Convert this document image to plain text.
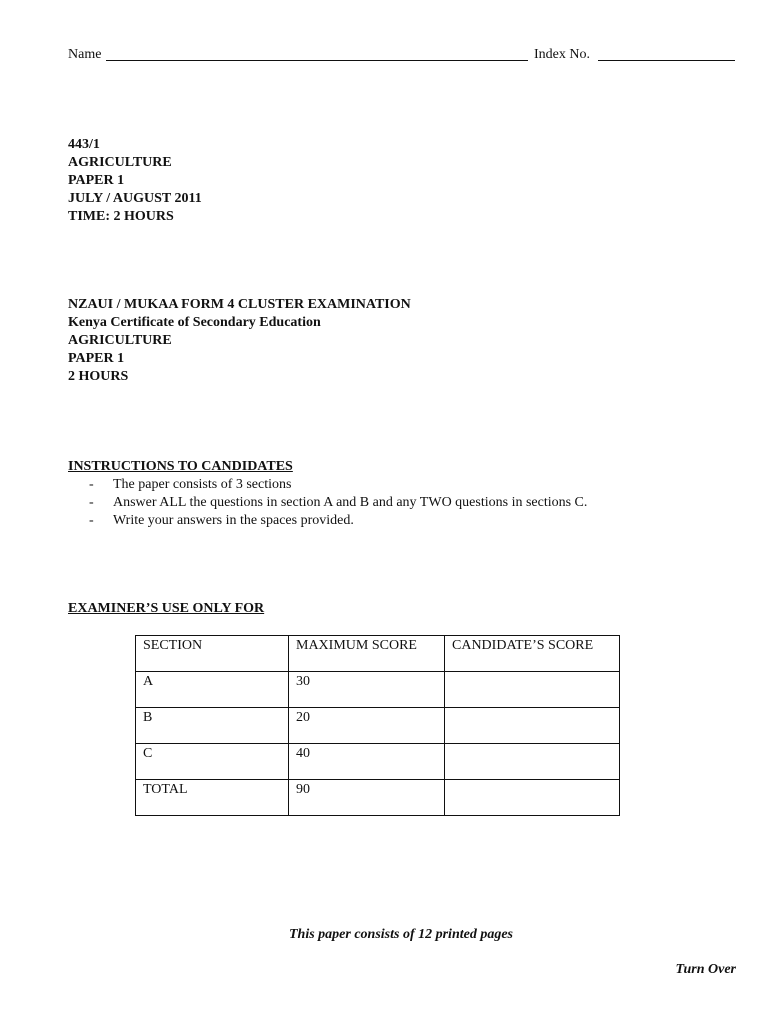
Name	Index No.
443/1
AGRICULTURE
PAPER 1
JULY / AUGUST 2011
TIME: 2 HOURS
NZAUI / MUKAA FORM 4 CLUSTER EXAMINATION
Kenya Certificate of Secondary Education
AGRICULTURE
PAPER 1
2 HOURS
INSTRUCTIONS TO CANDIDATES
- The paper consists of 3 sections
- Answer ALL the questions in section A and B and any TWO questions in sections C.
- Write your answers in the spaces provided.
EXAMINER’S USE ONLY FOR
SECTION	MAXIMUM SCORE	CANDIDATE’S SCORE

A	30	

B	20	

C	40	

TOTAL	90	

This paper consists of 12 printed pages
Turn Over
